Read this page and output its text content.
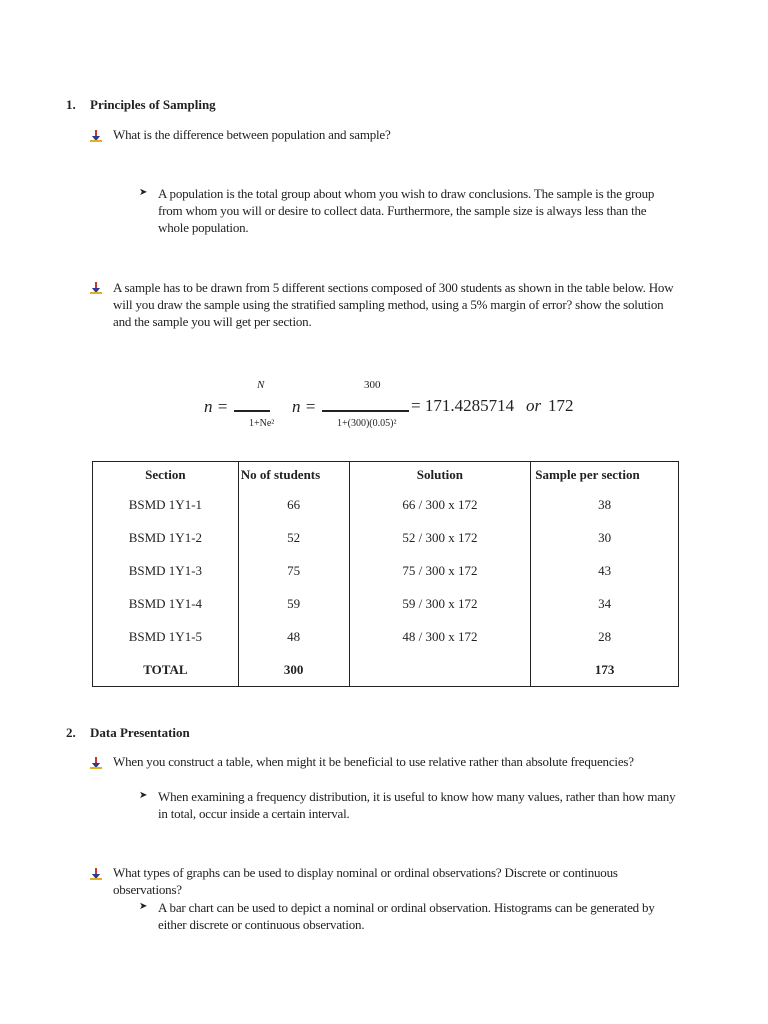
1. Principles of Sampling
What is the difference between population and sample?
➤ A population is the total group about whom you wish to draw conclusions. The sample is the group from whom you will or desire to collect data. Furthermore, the sample size is always less than the whole population.
A sample has to be drawn from 5 different sections composed of 300 students as shown in the table below. How will you draw the sample using the stratified sampling method, using a 5% margin of error? show the solution and the sample you will get per section.
n =
N
1+Ne²
n =
300
1+(300)(0.05)²
= 171.4285714 or 172
Section	No of students	Solution	Sample per section
BSMD 1Y1-1	66	66 / 300 x 172	38
BSMD 1Y1-2	52	52 / 300 x 172	30
BSMD 1Y1-3	75	75 / 300 x 172	43
BSMD 1Y1-4	59	59 / 300 x 172	34
BSMD 1Y1-5	48	48 / 300 x 172	28
TOTAL	300		173
2. Data Presentation
When you construct a table, when might it be beneficial to use relative rather than absolute frequencies?
➤ When examining a frequency distribution, it is useful to know how many values, rather than how many in total, occur inside a certain interval.
What types of graphs can be used to display nominal or ordinal observations? Discrete or continuous observations?
➤ A bar chart can be used to depict a nominal or ordinal observation. Histograms can be generated by either discrete or continuous observation.
